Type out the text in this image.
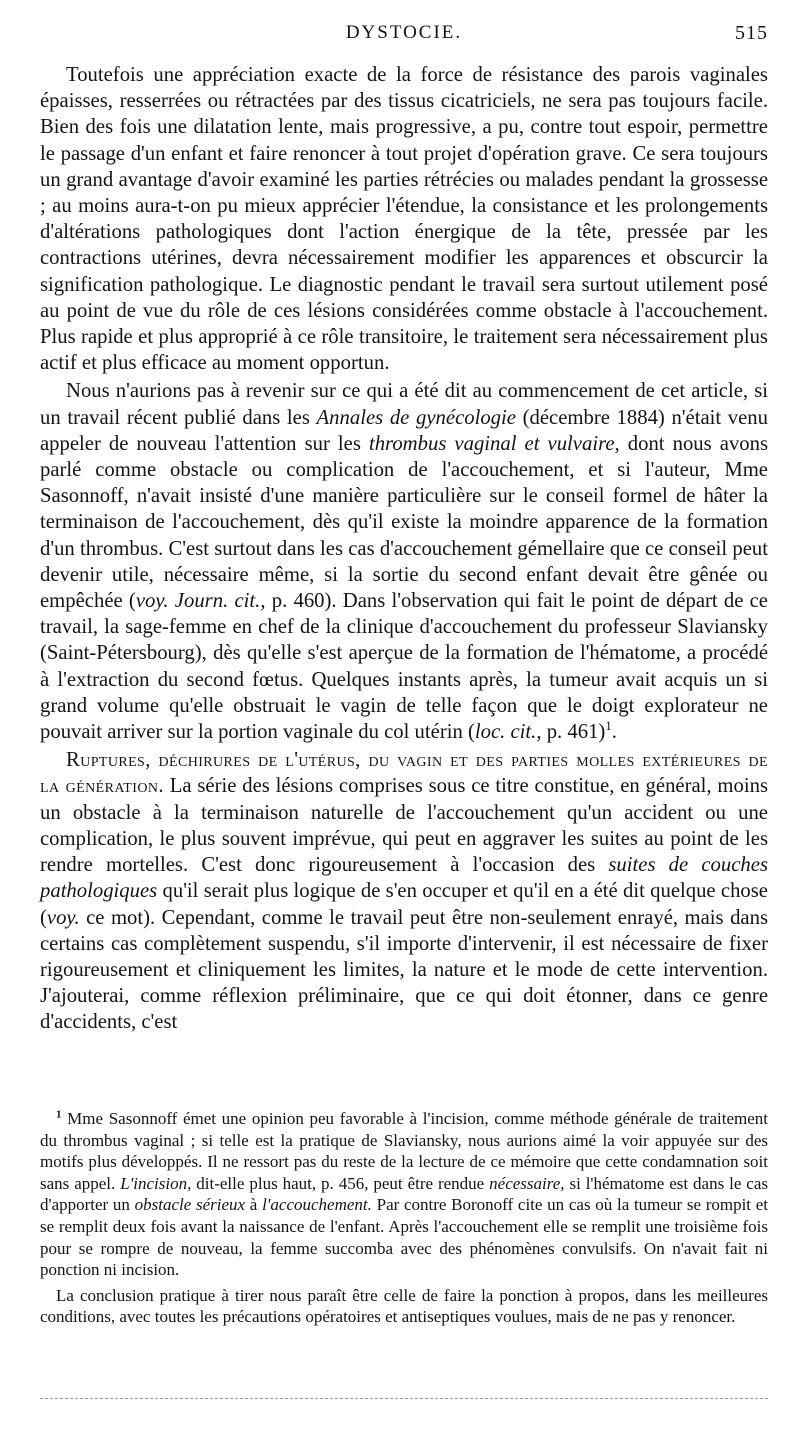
DYSTOCIE.	515

Toutefois une appréciation exacte de la force de résistance des parois vaginales épaisses, resserrées ou rétractées par des tissus cicatriciels, ne sera pas toujours facile. Bien des fois une dilatation lente, mais progressive, a pu, contre tout espoir, permettre le passage d'un enfant et faire renoncer à tout projet d'opération grave. Ce sera toujours un grand avantage d'avoir examiné les parties rétrécies ou malades pendant la grossesse ; au moins aura-t-on pu mieux apprécier l'étendue, la consistance et les prolongements d'altérations pathologiques dont l'action énergique de la tête, pressée par les contractions utérines, devra nécessairement modifier les apparences et obscurcir la signification pathologique. Le diagnostic pendant le travail sera surtout utilement posé au point de vue du rôle de ces lésions considérées comme obstacle à l'accouchement. Plus rapide et plus approprié à ce rôle transitoire, le traitement sera nécessairement plus actif et plus efficace au moment opportun.

Nous n'aurions pas à revenir sur ce qui a été dit au commencement de cet article, si un travail récent publié dans les Annales de gynécologie (décembre 1884) n'était venu appeler de nouveau l'attention sur les thrombus vaginal et vulvaire, dont nous avons parlé comme obstacle ou complication de l'accouchement, et si l'auteur, Mme Sasonnoff, n'avait insisté d'une manière particulière sur le conseil formel de hâter la terminaison de l'accouchement, dès qu'il existe la moindre apparence de la formation d'un thrombus. C'est surtout dans les cas d'accouchement gémellaire que ce conseil peut devenir utile, nécessaire même, si la sortie du second enfant devait être gênée ou empêchée (voy. Journ. cit., p. 460). Dans l'observation qui fait le point de départ de ce travail, la sage-femme en chef de la clinique d'accouchement du professeur Slaviansky (Saint-Pétersbourg), dès qu'elle s'est aperçue de la formation de l'hématome, a procédé à l'extraction du second fœtus. Quelques instants après, la tumeur avait acquis un si grand volume qu'elle obstruait le vagin de telle façon que le doigt explorateur ne pouvait arriver sur la portion vaginale du col utérin (loc. cit., p. 461)$^1$.

Ruptures, déchirures de l'utérus, du vagin et des parties molles extérieures de la génération. La série des lésions comprises sous ce titre constitue, en général, moins un obstacle à la terminaison naturelle de l'accouchement qu'un accident ou une complication, le plus souvent imprévue, qui peut en aggraver les suites au point de les rendre mortelles. C'est donc rigoureusement à l'occasion des suites de couches pathologiques qu'il serait plus logique de s'en occuper et qu'il en a été dit quelque chose (voy. ce mot). Cependant, comme le travail peut être non-seulement enrayé, mais dans certains cas complètement suspendu, s'il importe d'intervenir, il est nécessaire de fixer rigoureusement et cliniquement les limites, la nature et le mode de cette intervention. J'ajouterai, comme réflexion préliminaire, que ce qui doit étonner, dans ce genre d'accidents, c'est

$^1$ Mme Sasonnoff émet une opinion peu favorable à l'incision, comme méthode générale de traitement du thrombus vaginal ; si telle est la pratique de Slaviansky, nous aurions aimé la voir appuyée sur des motifs plus développés. Il ne ressort pas du reste de la lecture de ce mémoire que cette condamnation soit sans appel. L'incision, dit-elle plus haut, p. 456, peut être rendue nécessaire, si l'hématome est dans le cas d'apporter un obstacle sérieux à l'accouchement. Par contre Boronoff cite un cas où la tumeur se rompit et se remplit deux fois avant la naissance de l'enfant. Après l'accouchement elle se remplit une troisième fois pour se rompre de nouveau, la femme succomba avec des phénomènes convulsifs. On n'avait fait ni ponction ni incision.

La conclusion pratique à tirer nous paraît être celle de faire la ponction à propos, dans les meilleures conditions, avec toutes les précautions opératoires et antiseptiques voulues, mais de ne pas y renoncer.
